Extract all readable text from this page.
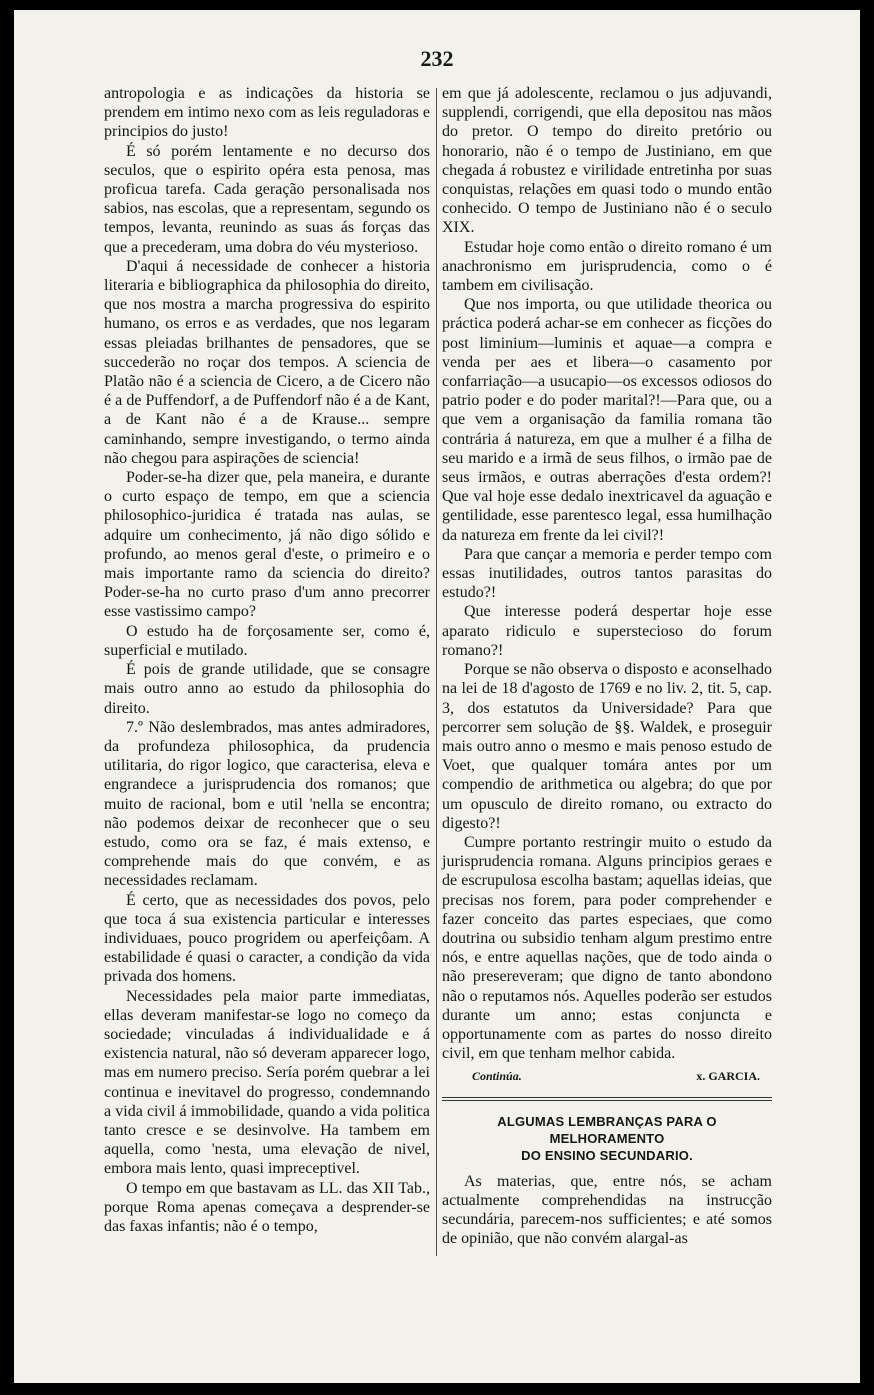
232

antropologia e as indicações da historia se prendem em intimo nexo com as leis reguladoras e principios do justo!

É só porém lentamente e no decurso dos seculos, que o espirito opéra esta penosa, mas proficua tarefa. Cada geração personalisada nos sabios, nas escolas, que a representam, segundo os tempos, levanta, reunindo as suas ás forças das que a precederam, uma dobra do véu mysterioso.

D'aqui á necessidade de conhecer a historia literaria e bibliographica da philosophia do direito, que nos mostra a marcha progressiva do espirito humano, os erros e as verdades, que nos legaram essas pleiadas brilhantes de pensadores, que se succederão no roçar dos tempos. A sciencia de Platão não é a sciencia de Cicero, a de Cicero não é a de Puffendorf, a de Puffendorf não é a de Kant, a de Kant não é a de Krause... sempre caminhando, sempre investigando, o termo ainda não chegou para aspirações de sciencia!

Poder-se-ha dizer que, pela maneira, e durante o curto espaço de tempo, em que a sciencia philosophico-juridica é tratada nas aulas, se adquire um conhecimento, já não digo sólido e profundo, ao menos geral d'este, o primeiro e o mais importante ramo da sciencia do direito? Poder-se-ha no curto praso d'um anno precorrer esse vastissimo campo?

O estudo ha de forçosamente ser, como é, superficial e mutilado.

É pois de grande utilidade, que se consagre mais outro anno ao estudo da philosophia do direito.

7.º Não deslembrados, mas antes admiradores, da profundeza philosophica, da prudencia utilitaria, do rigor logico, que caracterisa, eleva e engrandece a jurisprudencia dos romanos; que muito de racional, bom e util 'nella se encontra; não podemos deixar de reconhecer que o seu estudo, como ora se faz, é mais extenso, e comprehende mais do que convém, e as necessidades reclamam.

É certo, que as necessidades dos povos, pelo que toca á sua existencia particular e interesses individuaes, pouco progridem ou aperfeiçôam. A estabilidade é quasi o caracter, a condição da vida privada dos homens.

Necessidades pela maior parte immediatas, ellas deveram manifestar-se logo no começo da sociedade; vinculadas á individualidade e á existencia natural, não só deveram apparecer logo, mas em numero preciso. Sería porém quebrar a lei continua e inevitavel do progresso, condemnando a vida civil á immobilidade, quando a vida politica tanto cresce e se desinvolve. Ha tambem em aquella, como 'nesta, uma elevação de nivel, embora mais lento, quasi impreceptivel.

O tempo em que bastavam as LL. das XII Tab., porque Roma apenas começava a desprender-se das faxas infantis; não é o tempo,

em que já adolescente, reclamou o jus adjuvandi, supplendi, corrigendi, que ella depositou nas mãos do pretor. O tempo do direito pretório ou honorario, não é o tempo de Justiniano, em que chegada á robustez e virilidade entretinha por suas conquistas, relações em quasi todo o mundo então conhecido. O tempo de Justiniano não é o seculo XIX.

Estudar hoje como então o direito romano é um anachronismo em jurisprudencia, como o é tambem em civilisação.

Que nos importa, ou que utilidade theorica ou práctica poderá achar-se em conhecer as ficções do post liminium—luminis et aquae—a compra e venda per aes et libera—o casamento por confarriação—a usucapio—os excessos odiosos do patrio poder e do poder marital?!—Para que, ou a que vem a organisação da familia romana tão contrária á natureza, em que a mulher é a filha de seu marido e a irmã de seus filhos, o irmão pae de seus irmãos, e outras aberrações d'esta ordem?! Que val hoje esse dedalo inextricavel da aguação e gentilidade, esse parentesco legal, essa humilhação da natureza em frente da lei civil?!

Para que cançar a memoria e perder tempo com essas inutilidades, outros tantos parasitas do estudo?!

Que interesse poderá despertar hoje esse aparato ridiculo e superstecioso do forum romano?!

Porque se não observa o disposto e aconselhado na lei de 18 d'agosto de 1769 e no liv. 2, tit. 5, cap. 3, dos estatutos da Universidade? Para que percorrer sem solução de §§. Waldek, e proseguir mais outro anno o mesmo e mais penoso estudo de Voet, que qualquer tomára antes por um compendio de arithmetica ou algebra; do que por um opusculo de direito romano, ou extracto do digesto?!

Cumpre portanto restringir muito o estudo da jurisprudencia romana. Alguns principios geraes e de escrupulosa escolha bastam; aquellas ideias, que precisas nos forem, para poder comprehender e fazer conceito das partes especiaes, que como doutrina ou subsidio tenham algum prestimo entre nós, e entre aquellas nações, que de todo ainda o não presereveram; que digno de tanto abondono não o reputamos nós. Aquelles poderão ser estudos durante um anno; estas conjuncta e opportunamente com as partes do nosso direito civil, em que tenham melhor cabida.

Continúa.	x. GARCIA.
ALGUMAS LEMBRANÇAS PARA O MELHORAMENTO
DO ENSINO SECUNDARIO.

As materias, que, entre nós, se acham actualmente comprehendidas na instrucção secundária, parecem-nos sufficientes; e até somos de opinião, que não convém alargal-as
